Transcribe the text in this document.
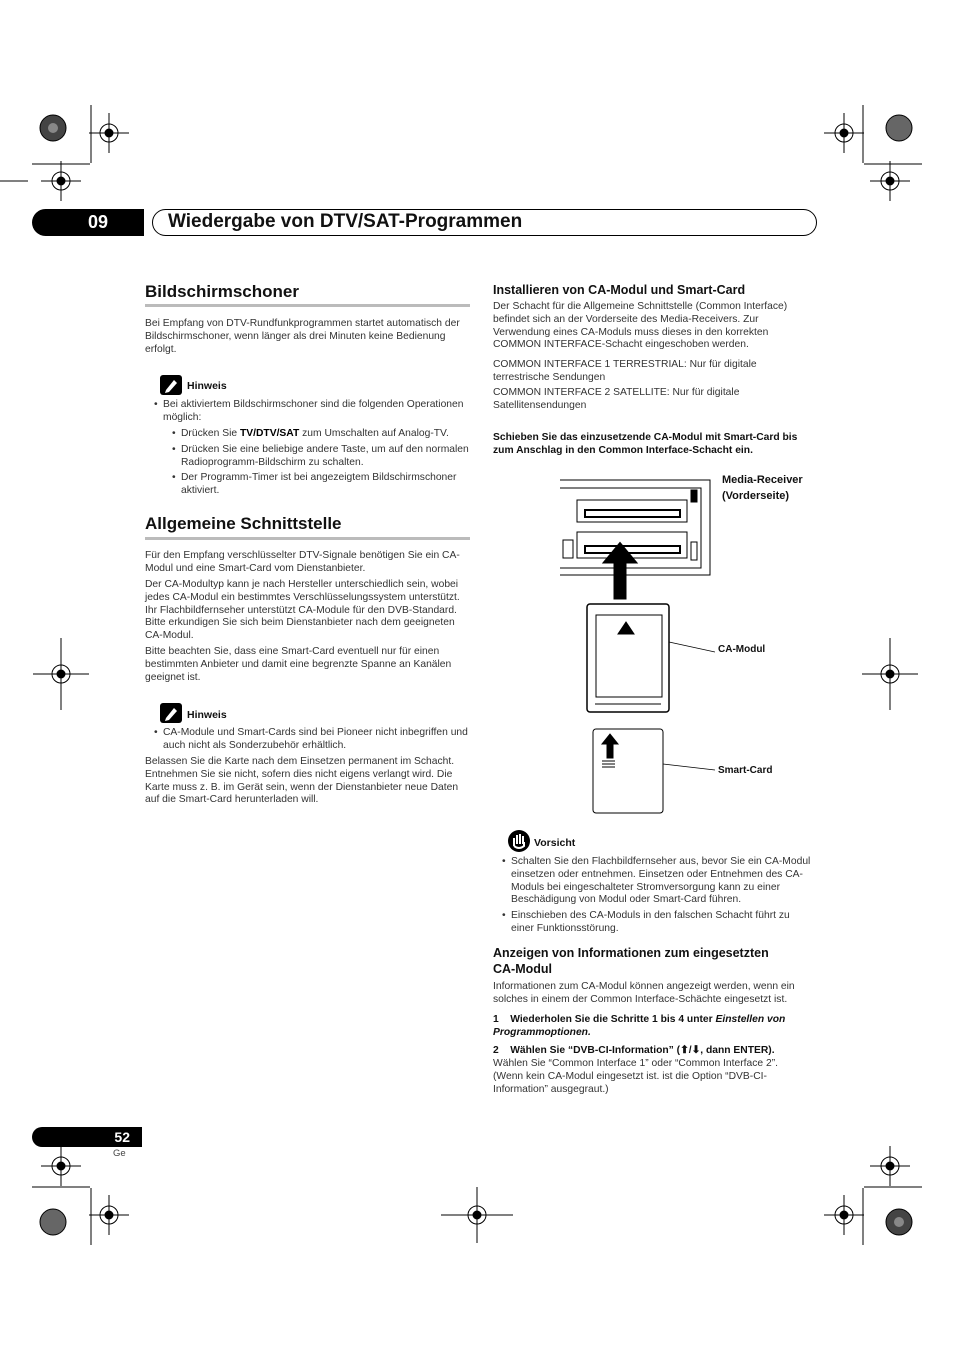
09	Wiedergabe von DTV/SAT-Programmen
Bildschirmschoner

Bei Empfang von DTV-Rundfunkprogrammen startet automatisch der Bildschirmschoner, wenn länger als drei Minuten keine Bedienung erfolgt.

Hinweis
• Bei aktiviertem Bildschirmschoner sind die folgenden Operationen möglich:
• Drücken Sie TV/DTV/SAT zum Umschalten auf Analog-TV.
• Drücken Sie eine beliebige andere Taste, um auf den normalen Radioprogramm-Bildschirm zu schalten.
• Der Programm-Timer ist bei angezeigtem Bildschirmschoner aktiviert.
Allgemeine Schnittstelle

Für den Empfang verschlüsselter DTV-Signale benötigen Sie ein CA-Modul und eine Smart-Card vom Dienstanbieter.

Der CA-Modultyp kann je nach Hersteller unterschiedlich sein, wobei jedes CA-Modul ein bestimmtes Verschlüsselungssystem unterstützt. Ihr Flachbildfernseher unterstützt CA-Module für den DVB-Standard. Bitte erkundigen Sie sich beim Dienstanbieter nach dem geeigneten CA-Modul.

Bitte beachten Sie, dass eine Smart-Card eventuell nur für einen bestimmten Anbieter und damit eine begrenzte Spanne an Kanälen geeignet ist.

Hinweis
• CA-Module und Smart-Cards sind bei Pioneer nicht inbegriffen und auch nicht als Sonderzubehör erhältlich.

Belassen Sie die Karte nach dem Einsetzen permanent im Schacht. Entnehmen Sie sie nicht, sofern dies nicht eigens verlangt wird. Die Karte muss z. B. im Gerät sein, wenn der Dienstanbieter neue Daten auf die Smart-Card herunterladen will.

Installieren von CA-Modul und Smart-Card

Der Schacht für die Allgemeine Schnittstelle (Common Interface) befindet sich an der Vorderseite des Media-Receivers. Zur Verwendung eines CA-Moduls muss dieses in den korrekten COMMON INTERFACE-Schacht eingeschoben werden.

COMMON INTERFACE 1 TERRESTRIAL: Nur für digitale terrestrische Sendungen

COMMON INTERFACE 2 SATELLITE: Nur für digitale Satellitensendungen

Schieben Sie das einzusetzende CA-Modul mit Smart-Card bis zum Anschlag in den Common Interface-Schacht ein.

Media-Receiver
(Vorderseite)
CA-Modul
Smart-Card
Vorsicht
• Schalten Sie den Flachbildfernseher aus, bevor Sie ein CA-Modul einsetzen oder entnehmen. Einsetzen oder Entnehmen des CA-Moduls bei eingeschalteter Stromversorgung kann zu einer Beschädigung von Modul oder Smart-Card führen.
• Einschieben des CA-Moduls in den falschen Schacht führt zu einer Funktionsstörung.
Anzeigen von Informationen zum eingesetzten
CA-Modul

Informationen zum CA-Modul können angezeigt werden, wenn ein solches in einem der Common Interface-Schächte eingesetzt ist.

1 Wiederholen Sie die Schritte 1 bis 4 unter Einstellen von Programmoptionen.

2 Wählen Sie “DVB-CI-Information” (⬆/⬇, dann ENTER).

Wählen Sie “Common Interface 1” oder “Common Interface 2”. (Wenn kein CA-Modul eingesetzt ist. ist die Option “DVB-CI-Information” ausgegraut.)

52
Ge
